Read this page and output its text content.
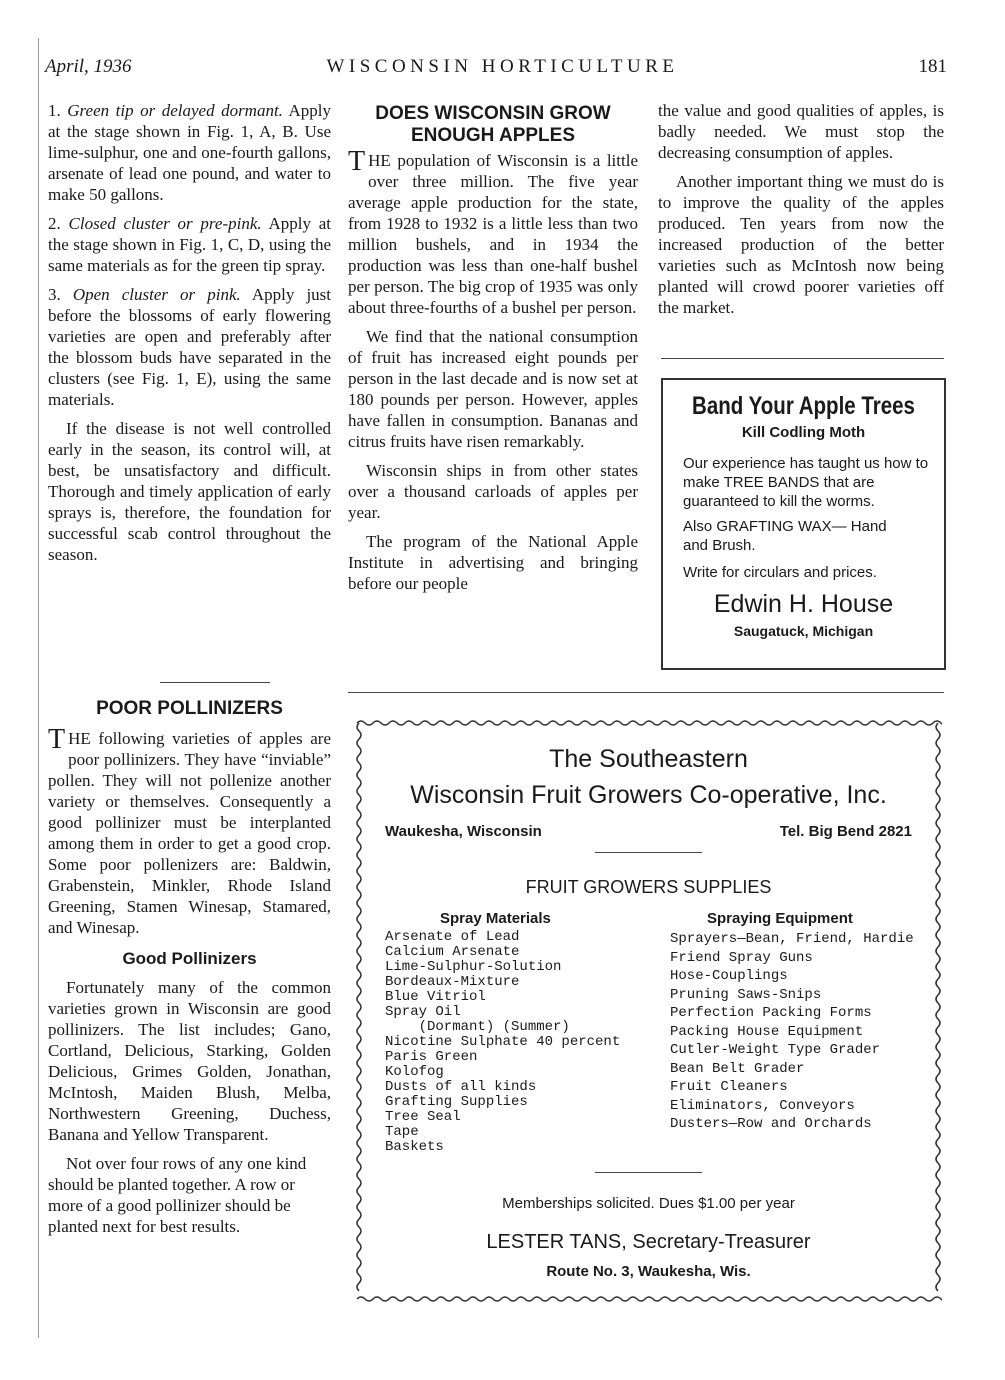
April, 1936	WISCONSIN HORTICULTURE	181

1. Green tip or delayed dormant. Apply at the stage shown in Fig. 1, A, B. Use lime-sulphur, one and one-fourth gallons, arsenate of lead one pound, and water to make 50 gallons.

2. Closed cluster or pre-pink. Apply at the stage shown in Fig. 1, C, D, using the same materials as for the green tip spray.

3. Open cluster or pink. Apply just before the blossoms of early flowering varieties are open and preferably after the blossom buds have separated in the clusters (see Fig. 1, E), using the same materials.

If the disease is not well controlled early in the season, its control will, at best, be unsatisfactory and difficult. Thorough and timely application of early sprays is, therefore, the foundation for successful scab control throughout the season.

POOR POLLINIZERS

THE following varieties of apples are poor pollinizers. They have “inviable” pollen. They will not pollenize another variety or themselves. Consequently a good pollinizer must be interplanted among them in order to get a good crop. Some poor pollenizers are: Baldwin, Grabenstein, Minkler, Rhode Island Greening, Stamen Winesap, Stamared, and Winesap.

Good Pollinizers

Fortunately many of the common varieties grown in Wisconsin are good pollinizers. The list includes; Gano, Cortland, Delicious, Starking, Golden Delicious, Grimes Golden, Jonathan, McIntosh, Maiden Blush, Melba, Northwestern Greening, Duchess, Banana and Yellow Transparent.

Not over four rows of any one kind should be planted together. A row or more of a good pollinizer should be planted next for best results.

DOES WISCONSIN GROW ENOUGH APPLES

THE population of Wisconsin is a little over three million. The five year average apple production for the state, from 1928 to 1932 is a little less than two million bushels, and in 1934 the production was less than one-half bushel per person. The big crop of 1935 was only about three-fourths of a bushel per person.

We find that the national consumption of fruit has increased eight pounds per person in the last decade and is now set at 180 pounds per person. However, apples have fallen in consumption. Bananas and citrus fruits have risen remarkably.

Wisconsin ships in from other states over a thousand carloads of apples per year.

The program of the National Apple Institute in advertising and bringing before our people

the value and good qualities of apples, is badly needed. We must stop the decreasing consumption of apples.

Another important thing we must do is to improve the quality of the apples produced. Ten years from now the increased production of the better varieties such as McIntosh now being planted will crowd poorer varieties off the market.

Band Your Apple Trees
Kill Codling Moth
Our experience has taught us how to make TREE BANDS that are guaranteed to kill the worms.
Also GRAFTING WAX— Hand and Brush.
Write for circulars and prices.
Edwin H. House
Saugatuck, Michigan
The Southeastern
Wisconsin Fruit Growers Co-operative, Inc.
Waukesha, Wisconsin	Tel. Big Bend 2821
FRUIT GROWERS SUPPLIES
Spray Materials
Arsenate of Lead
Calcium Arsenate
Lime-Sulphur-Solution
Bordeaux-Mixture
Blue Vitriol
Spray Oil
(Dormant) (Summer)
Nicotine Sulphate 40 percent
Paris Green
Kolofog
Dusts of all kinds
Grafting Supplies
Tree Seal
Tape
Baskets
Spraying Equipment
Sprayers—Bean, Friend, Hardie
Friend Spray Guns
Hose-Couplings
Pruning Saws-Snips
Perfection Packing Forms
Packing House Equipment
Cutler-Weight Type Grader
Bean Belt Grader
Fruit Cleaners
Eliminators, Conveyors
Dusters—Row and Orchards
Memberships solicited. Dues $1.00 per year
LESTER TANS, Secretary-Treasurer
Route No. 3, Waukesha, Wis.
